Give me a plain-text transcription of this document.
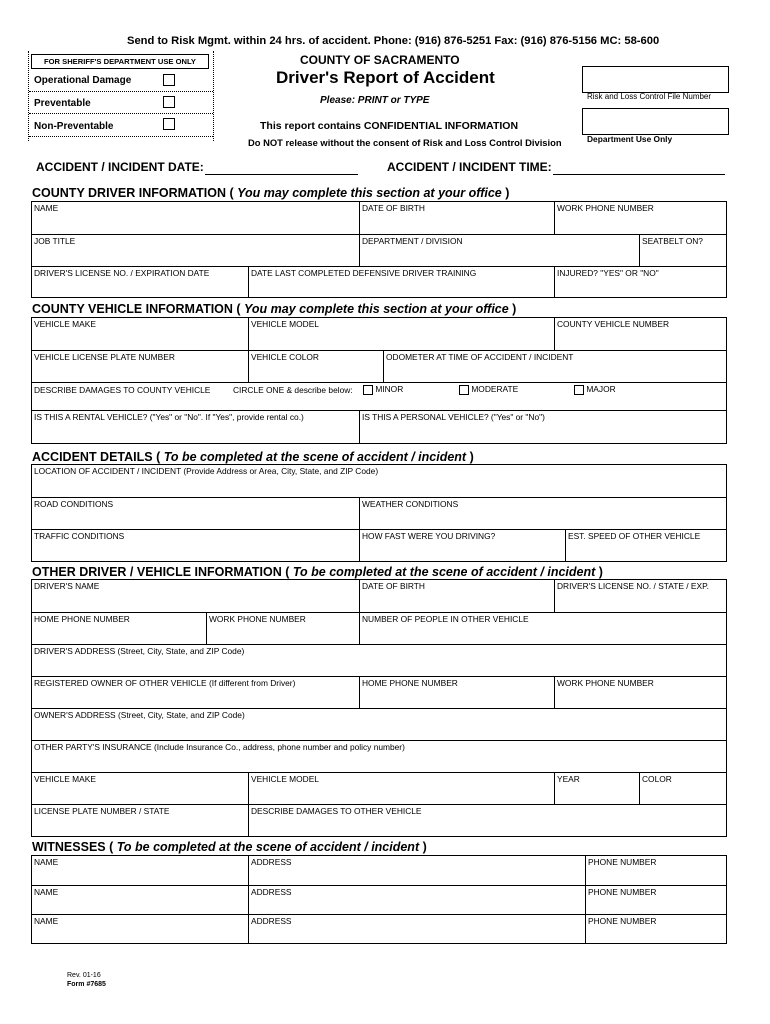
Send to Risk Mgmt. within 24 hrs. of accident. Phone: (916) 876-5251 Fax: (916) 876-5156 MC: 58-600
FOR SHERIFF'S DEPARTMENT USE ONLY
Operational Damage
Preventable
Non-Preventable
COUNTY OF SACRAMENTO
Driver's Report of Accident
Please: PRINT or TYPE
This report contains CONFIDENTIAL INFORMATION
Do NOT release without the consent of Risk and Loss Control Division
Risk and Loss Control File Number
Department Use Only
ACCIDENT / INCIDENT DATE:	ACCIDENT / INCIDENT TIME:
COUNTY DRIVER INFORMATION ( You may complete this section at your office )
NAME	DATE OF BIRTH	WORK PHONE NUMBER
JOB TITLE	DEPARTMENT / DIVISION	SEATBELT ON?
DRIVER'S LICENSE NO. / EXPIRATION DATE	DATE LAST COMPLETED DEFENSIVE DRIVER TRAINING	INJURED? "YES" OR "NO"
COUNTY VEHICLE INFORMATION ( You may complete this section at your office )
VEHICLE MAKE	VEHICLE MODEL	COUNTY VEHICLE NUMBER
VEHICLE LICENSE PLATE NUMBER	VEHICLE COLOR	ODOMETER AT TIME OF ACCIDENT / INCIDENT
DESCRIBE DAMAGES TO COUNTY VEHICLE	CIRCLE ONE & describe below:	MINOR	MODERATE	MAJOR
IS THIS A RENTAL VEHICLE? ("Yes" or "No". If "Yes", provide rental co.)	IS THIS A PERSONAL VEHICLE? ("Yes" or "No")
ACCIDENT DETAILS ( To be completed at the scene of accident / incident )
LOCATION OF ACCIDENT / INCIDENT (Provide Address or Area, City, State, and ZIP Code)
ROAD CONDITIONS	WEATHER CONDITIONS
TRAFFIC CONDITIONS	HOW FAST WERE YOU DRIVING?	EST. SPEED OF OTHER VEHICLE
OTHER DRIVER / VEHICLE INFORMATION ( To be completed at the scene of accident / incident )
DRIVER'S NAME	DATE OF BIRTH	DRIVER'S LICENSE NO. / STATE / EXP.
HOME PHONE NUMBER	WORK PHONE NUMBER	NUMBER OF PEOPLE IN OTHER VEHICLE
DRIVER'S ADDRESS (Street, City, State, and ZIP Code)
REGISTERED OWNER OF OTHER VEHICLE (If different from Driver)	HOME PHONE NUMBER	WORK PHONE NUMBER
OWNER'S ADDRESS (Street, City, State, and ZIP Code)
OTHER PARTY'S INSURANCE (Include Insurance Co., address, phone number and policy number)
VEHICLE MAKE	VEHICLE MODEL	YEAR	COLOR
LICENSE PLATE NUMBER / STATE	DESCRIBE DAMAGES TO OTHER VEHICLE
WITNESSES ( To be completed at the scene of accident / incident )
NAME	ADDRESS	PHONE NUMBER
NAME	ADDRESS	PHONE NUMBER
NAME	ADDRESS	PHONE NUMBER
Rev. 01-16
Form #7685
